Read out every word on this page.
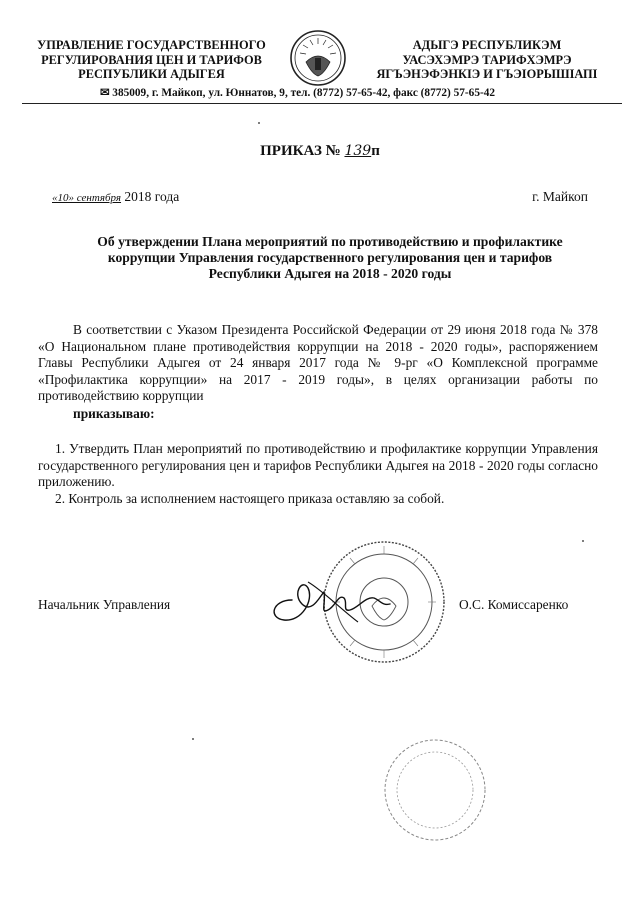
УПРАВЛЕНИЕ ГОСУДАРСТВЕННОГО
РЕГУЛИРОВАНИЯ ЦЕН И ТАРИФОВ
РЕСПУБЛИКИ АДЫГЕЯ
АДЫГЭ РЕСПУБЛИКЭМ
УАСЭХЭМРЭ ТАРИФХЭМРЭ
ЯГЪЭНЭФЭНКIЭ И ГЪЭIОРЫШIАПI
✉ 385009, г. Майкоп, ул. Юннатов, 9, тел. (8772) 57-65-42, факс (8772) 57-65-42
ПРИКАЗ № 139п
«10» сентября 2018 года	г. Майкоп
Об утверждении Плана мероприятий по противодействию и профилактике
коррупции Управления государственного регулирования цен и тарифов
Республики Адыгея на 2018 - 2020 годы
В соответствии с Указом Президента Российской Федерации от 29 июня 2018 года № 378 «О Национальном плане противодействия коррупции на 2018 - 2020 годы», распоряжением Главы Республики Адыгея от 24 января 2017 года № 9-рг «О Комплексной программе «Профилактика коррупции» на 2017 - 2019 годы», в целях организации работы по противодействию коррупции
приказываю:
1. Утвердить План мероприятий по противодействию и профилактике коррупции Управления государственного регулирования цен и тарифов Республики Адыгея на 2018 - 2020 годы согласно приложению.
2. Контроль за исполнением настоящего приказа оставляю за собой.
Начальник Управления	О.С. Комиссаренко
